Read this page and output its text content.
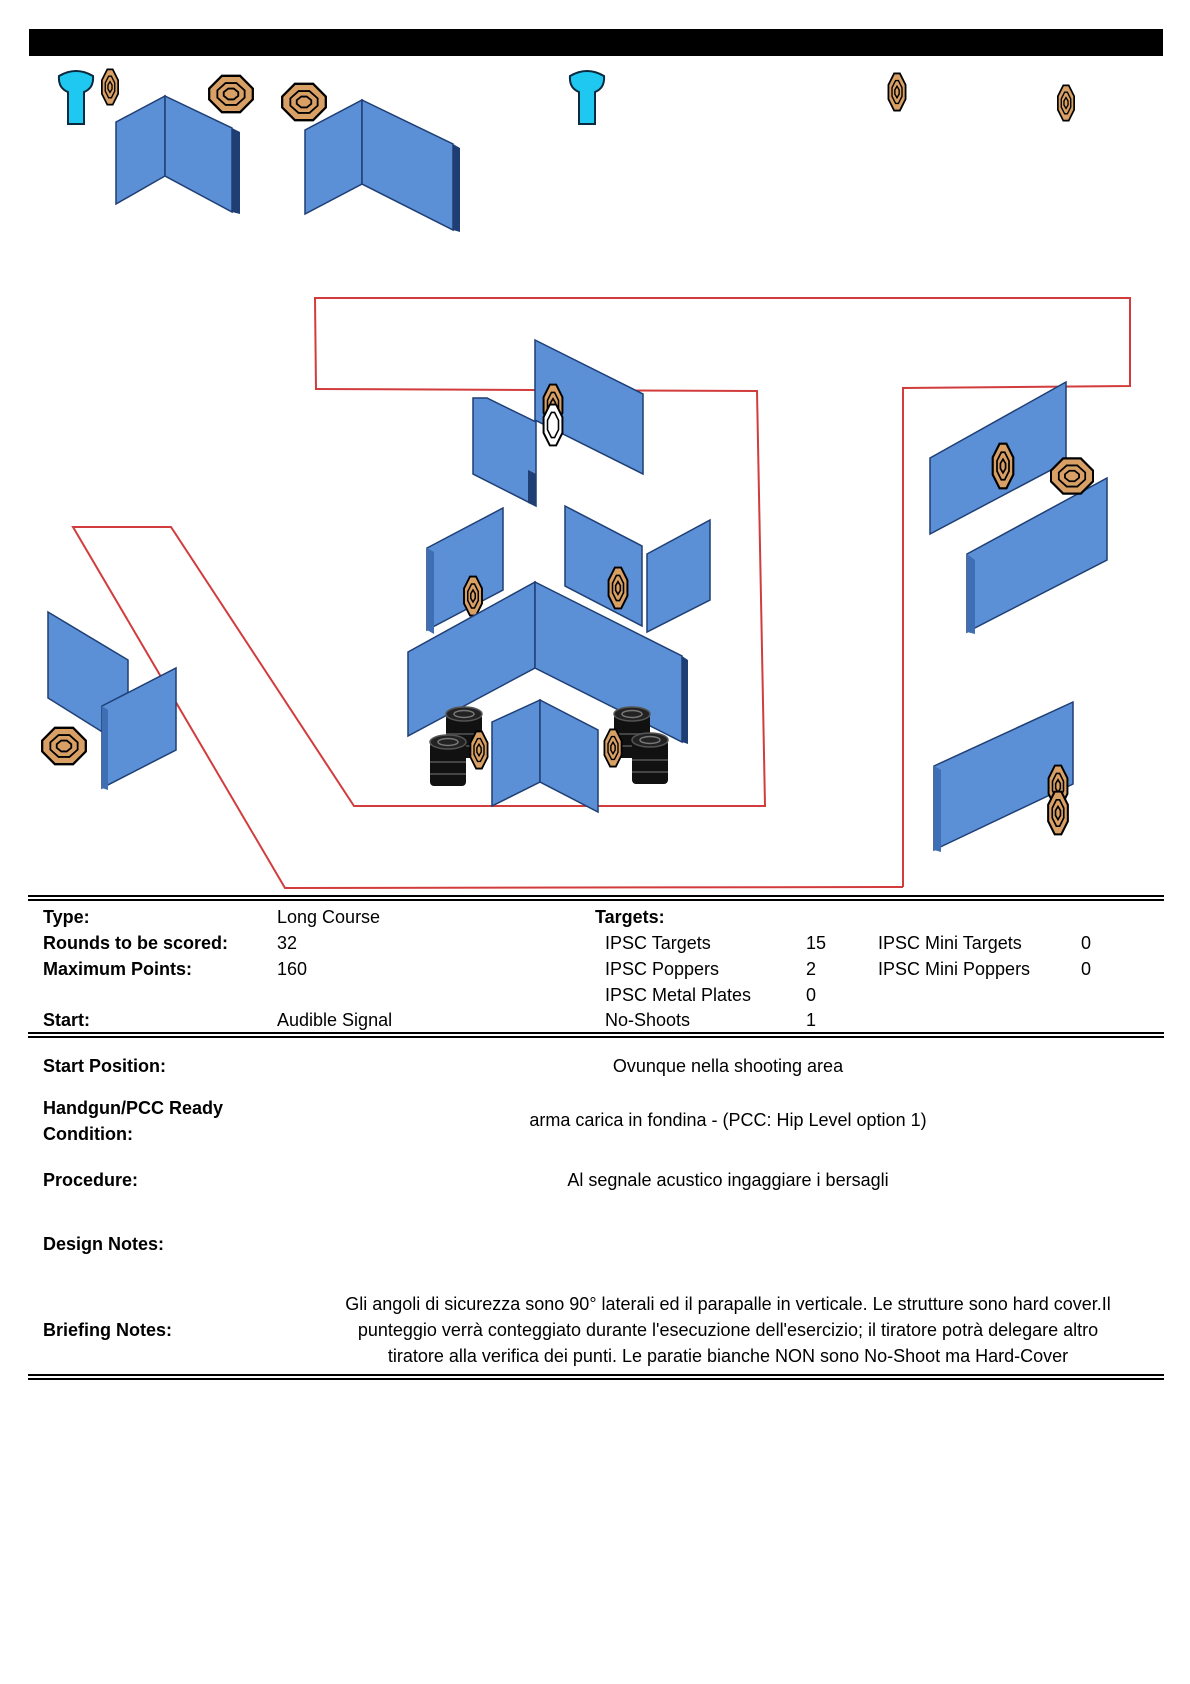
Type:	Long Course	Targets:
Rounds to be scored:	32	IPSC Targets	15	IPSC Mini Targets	0
Maximum Points:	160	IPSC Poppers	2	IPSC Mini Poppers	0
IPSC Metal Plates	0
Start:	Audible Signal	No-Shoots	1
Start Position:	Ovunque nella shooting area
Handgun/PCC Ready
Condition:
arma carica in fondina - (PCC: Hip Level option 1)
Procedure:	Al segnale acustico ingaggiare i bersagli
Design Notes:
Briefing Notes:
Gli angoli di sicurezza sono 90° laterali ed il parapalle in verticale. Le strutture sono hard cover.Il
punteggio verrà conteggiato durante l'esecuzione dell'esercizio; il tiratore potrà delegare altro
tiratore alla verifica dei punti. Le paratie bianche NON sono No-Shoot ma Hard-Cover
